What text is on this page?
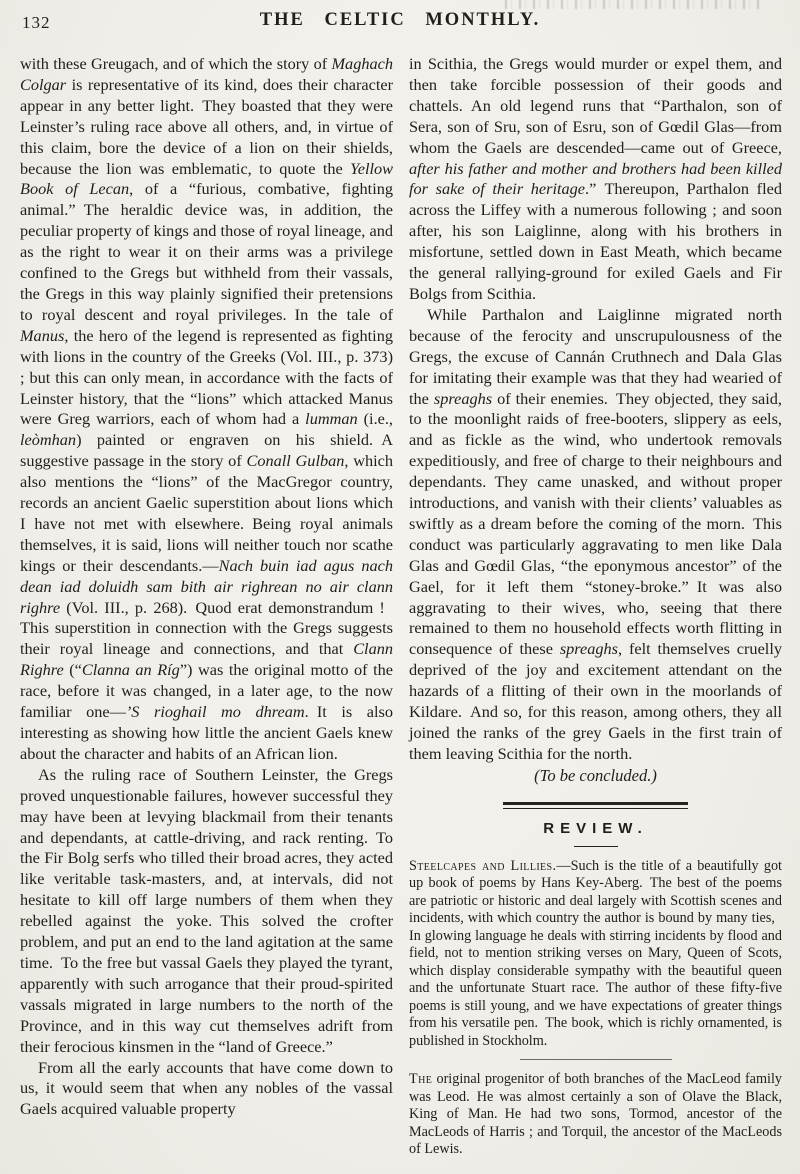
132	THE CELTIC MONTHLY.

with these Greugach, and of which the story of Maghach Colgar is representative of its kind, does their character appear in any better light. They boasted that they were Leinster’s ruling race above all others, and, in virtue of this claim, bore the device of a lion on their shields, because the lion was emblematic, to quote the Yellow Book of Lecan, of a “furious, combative, fighting animal.” The heraldic device was, in addition, the peculiar property of kings and those of royal lineage, and as the right to wear it on their arms was a privilege confined to the Gregs but withheld from their vassals, the Gregs in this way plainly signified their pretensions to royal descent and royal privileges. In the tale of Manus, the hero of the legend is represented as fighting with lions in the country of the Greeks (Vol. III., p. 373) ; but this can only mean, in accordance with the facts of Leinster history, that the “lions” which attacked Manus were Greg warriors, each of whom had a lumman (i.e., leòmhan) painted or engraven on his shield. A suggestive passage in the story of Conall Gulban, which also mentions the “lions” of the MacGregor country, records an ancient Gaelic superstition about lions which I have not met with elsewhere. Being royal animals themselves, it is said, lions will neither touch nor scathe kings or their descendants.—Nach buin iad agus nach dean iad doluidh sam bith air righrean no air clann righre (Vol. III., p. 268). Quod erat demonstrandum ! This superstition in connection with the Gregs suggests their royal lineage and connections, and that Clann Righre (“Clanna an Ríg”) was the original motto of the race, before it was changed, in a later age, to the now familiar one—’S rioghail mo dhream. It is also interesting as showing how little the ancient Gaels knew about the character and habits of an African lion.

As the ruling race of Southern Leinster, the Gregs proved unquestionable failures, however successful they may have been at levying blackmail from their tenants and dependants, at cattle-driving, and rack renting. To the Fir Bolg serfs who tilled their broad acres, they acted like veritable task-masters, and, at intervals, did not hesitate to kill off large numbers of them when they rebelled against the yoke. This solved the crofter problem, and put an end to the land agitation at the same time. To the free but vassal Gaels they played the tyrant, apparently with such arrogance that their proud-spirited vassals migrated in large numbers to the north of the Province, and in this way cut themselves adrift from their ferocious kinsmen in the “land of Greece.”

From all the early accounts that have come down to us, it would seem that when any nobles of the vassal Gaels acquired valuable property

in Scithia, the Gregs would murder or expel them, and then take forcible possession of their goods and chattels. An old legend runs that “Parthalon, son of Sera, son of Sru, son of Esru, son of Gœdil Glas—from whom the Gaels are descended—came out of Greece, after his father and mother and brothers had been killed for sake of their heritage.” Thereupon, Parthalon fled across the Liffey with a numerous following ; and soon after, his son Laiglinne, along with his brothers in misfortune, settled down in East Meath, which became the general rallying-ground for exiled Gaels and Fir Bolgs from Scithia.

While Parthalon and Laiglinne migrated north because of the ferocity and unscrupulousness of the Gregs, the excuse of Cannán Cruthnech and Dala Glas for imitating their example was that they had wearied of the spreaghs of their enemies. They objected, they said, to the moonlight raids of free-booters, slippery as eels, and as fickle as the wind, who undertook removals expeditiously, and free of charge to their neighbours and dependants. They came unasked, and without proper introductions, and vanish with their clients’ valuables as swiftly as a dream before the coming of the morn. This conduct was particularly aggravating to men like Dala Glas and Gœdil Glas, “the eponymous ancestor” of the Gael, for it left them “stoney-broke.” It was also aggravating to their wives, who, seeing that there remained to them no household effects worth flitting in consequence of these spreaghs, felt themselves cruelly deprived of the joy and excitement attendant on the hazards of a flitting of their own in the moorlands of Kildare. And so, for this reason, among others, they all joined the ranks of the grey Gaels in the first train of them leaving Scithia for the north.

(To be concluded.)

REVIEW.

Steelcapes and Lillies.—Such is the title of a beautifully got up book of poems by Hans Key-Aberg. The best of the poems are patriotic or historic and deal largely with Scottish scenes and incidents, with which country the author is bound by many ties, In glowing language he deals with stirring incidents by flood and field, not to mention striking verses on Mary, Queen of Scots, which display considerable sympathy with the beautiful queen and the unfortunate Stuart race. The author of these fifty-five poems is still young, and we have expectations of greater things from his versatile pen. The book, which is richly ornamented, is published in Stockholm.

The original progenitor of both branches of the MacLeod family was Leod. He was almost certainly a son of Olave the Black, King of Man. He had two sons, Tormod, ancestor of the MacLeods of Harris ; and Torquil, the ancestor of the MacLeods of Lewis.
